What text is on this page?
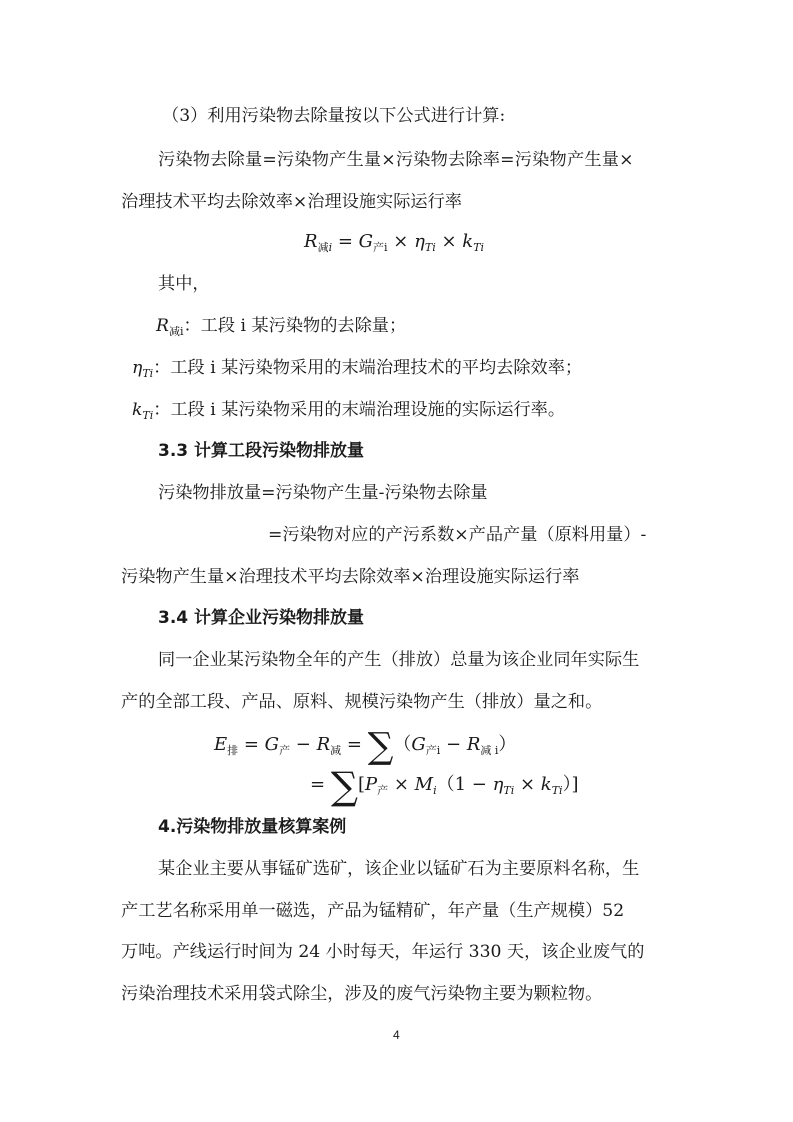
（3）利用污染物去除量按以下公式进行计算:
污染物去除量=污染物产生量×污染物去除率=污染物产生量×
治理技术平均去除效率×治理设施实际运行率
$R_{减i} = G_{产i} \times \eta_{Ti} \times k_{Ti}$
其中，
$R_{减i}$：工段 i 某污染物的去除量；
$\eta_{Ti}$：工段 i 某污染物采用的末端治理技术的平均去除效率；
$k_{Ti}$：工段 i 某污染物采用的末端治理设施的实际运行率。
3.3 计算工段污染物排放量
污染物排放量=污染物产生量-污染物去除量
=污染物对应的产污系数×产品产量（原料用量）-
污染物产生量×治理技术平均去除效率×治理设施实际运行率
3.4 计算企业污染物排放量
同一企业某污染物全年的产生（排放）总量为该企业同年实际生
产的全部工段、产品、原料、规模污染物产生（排放）量之和。
$E_排 = G_产 - R_减 = \sum(G_{产i} - R_{减 i})$
= $\sum[P_产 \times M_i(1 - \eta_{Ti} \times k_{Ti})]$
4.污染物排放量核算案例
某企业主要从事锰矿选矿，该企业以锰矿石为主要原料名称，生
产工艺名称采用单一磁选，产品为锰精矿，年产量（生产规模）52
万吨。产线运行时间为 24 小时每天，年运行 330 天，该企业废气的
污染治理技术采用袋式除尘，涉及的废气污染物主要为颗粒物。
4
